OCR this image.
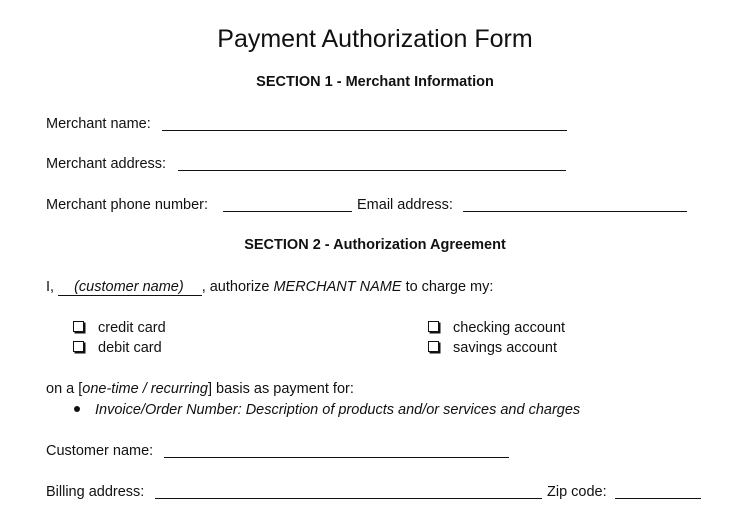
Payment Authorization Form
SECTION 1 - Merchant Information
Merchant name:
Merchant address:
Merchant phone number:	Email address:
SECTION 2 - Authorization Agreement
I, (customer name) , authorize MERCHANT NAME to charge my:
credit card
debit card
checking account
savings account
on a [one-time / recurring] basis as payment for:
Invoice/Order Number: Description of products and/or services and charges
Customer name:
Billing address:	Zip code:
